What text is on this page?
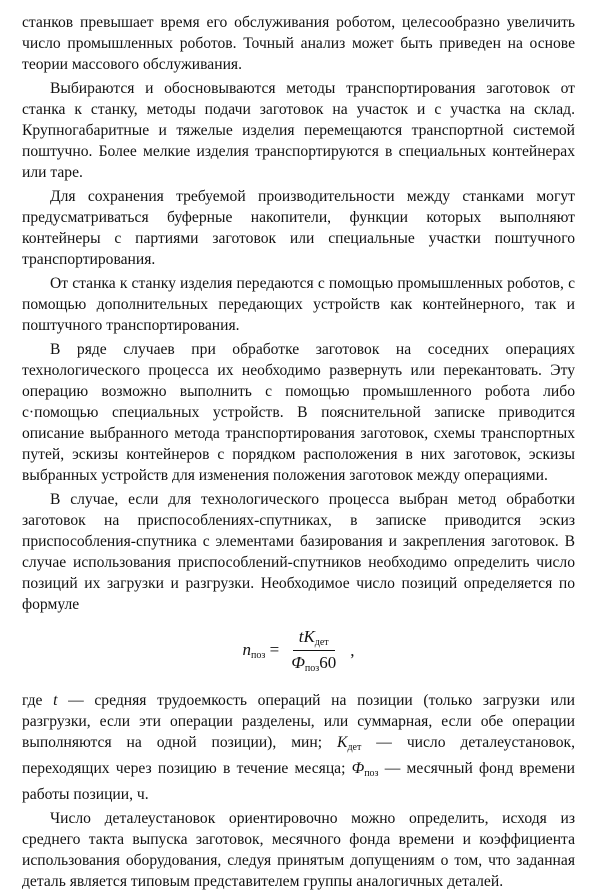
станков превышает время его обслуживания роботом, целесообразно увеличить число промышленных роботов. Точный анализ может быть приведен на основе теории массового обслуживания.

Выбираются и обосновываются методы транспортирования заготовок от станка к станку, методы подачи заготовок на участок и с участка на склад. Крупногабаритные и тяжелые изделия перемещаются транспортной системой поштучно. Более мелкие изделия транспортируются в специальных контейнерах или таре.

Для сохранения требуемой производительности между станками могут предусматриваться буферные накопители, функции которых выполняют контейнеры с партиями заготовок или специальные участки поштучного транспортирования.

От станка к станку изделия передаются с помощью промышленных роботов, с помощью дополнительных передающих устройств как контейнерного, так и поштучного транспортирования.

В ряде случаев при обработке заготовок на соседних операциях технологического процесса их необходимо развернуть или перекантовать. Эту операцию возможно выполнить с помощью промышленного робота либо с·помощью специальных устройств. В пояснительной записке приводится описание выбранного метода транспортирования заготовок, схемы транспортных путей, эскизы контейнеров с порядком расположения в них заготовок, эскизы выбранных устройств для изменения положения заготовок между операциями.

В случае, если для технологического процесса выбран метод обработки заготовок на приспособлениях-спутниках, в записке приводится эскиз приспособления-спутника с элементами базирования и закрепления заготовок. В случае использования приспособлений-спутников необходимо определить число позиций их загрузки и разгрузки. Необходимое число позиций определяется по формуле

$n_{поз} = \frac{tK_{дет}}{Ф_{поз}60}$ ,

где t — средняя трудоемкость операций на позиции (только загрузки или разгрузки, если эти операции разделены, или суммарная, если обе операции выполняются на одной позиции), мин; $K_{дет}$ — число деталеустановок, переходящих через позицию в течение месяца; $Ф_{поз}$ — месячный фонд времени работы позиции, ч.

Число деталеустановок ориентировочно можно определить, исходя из среднего такта выпуска заготовок, месячного фонда времени и коэффициента использования оборудования, следуя принятым допущениям о том, что заданная деталь является типовым представителем группы аналогичных деталей.
